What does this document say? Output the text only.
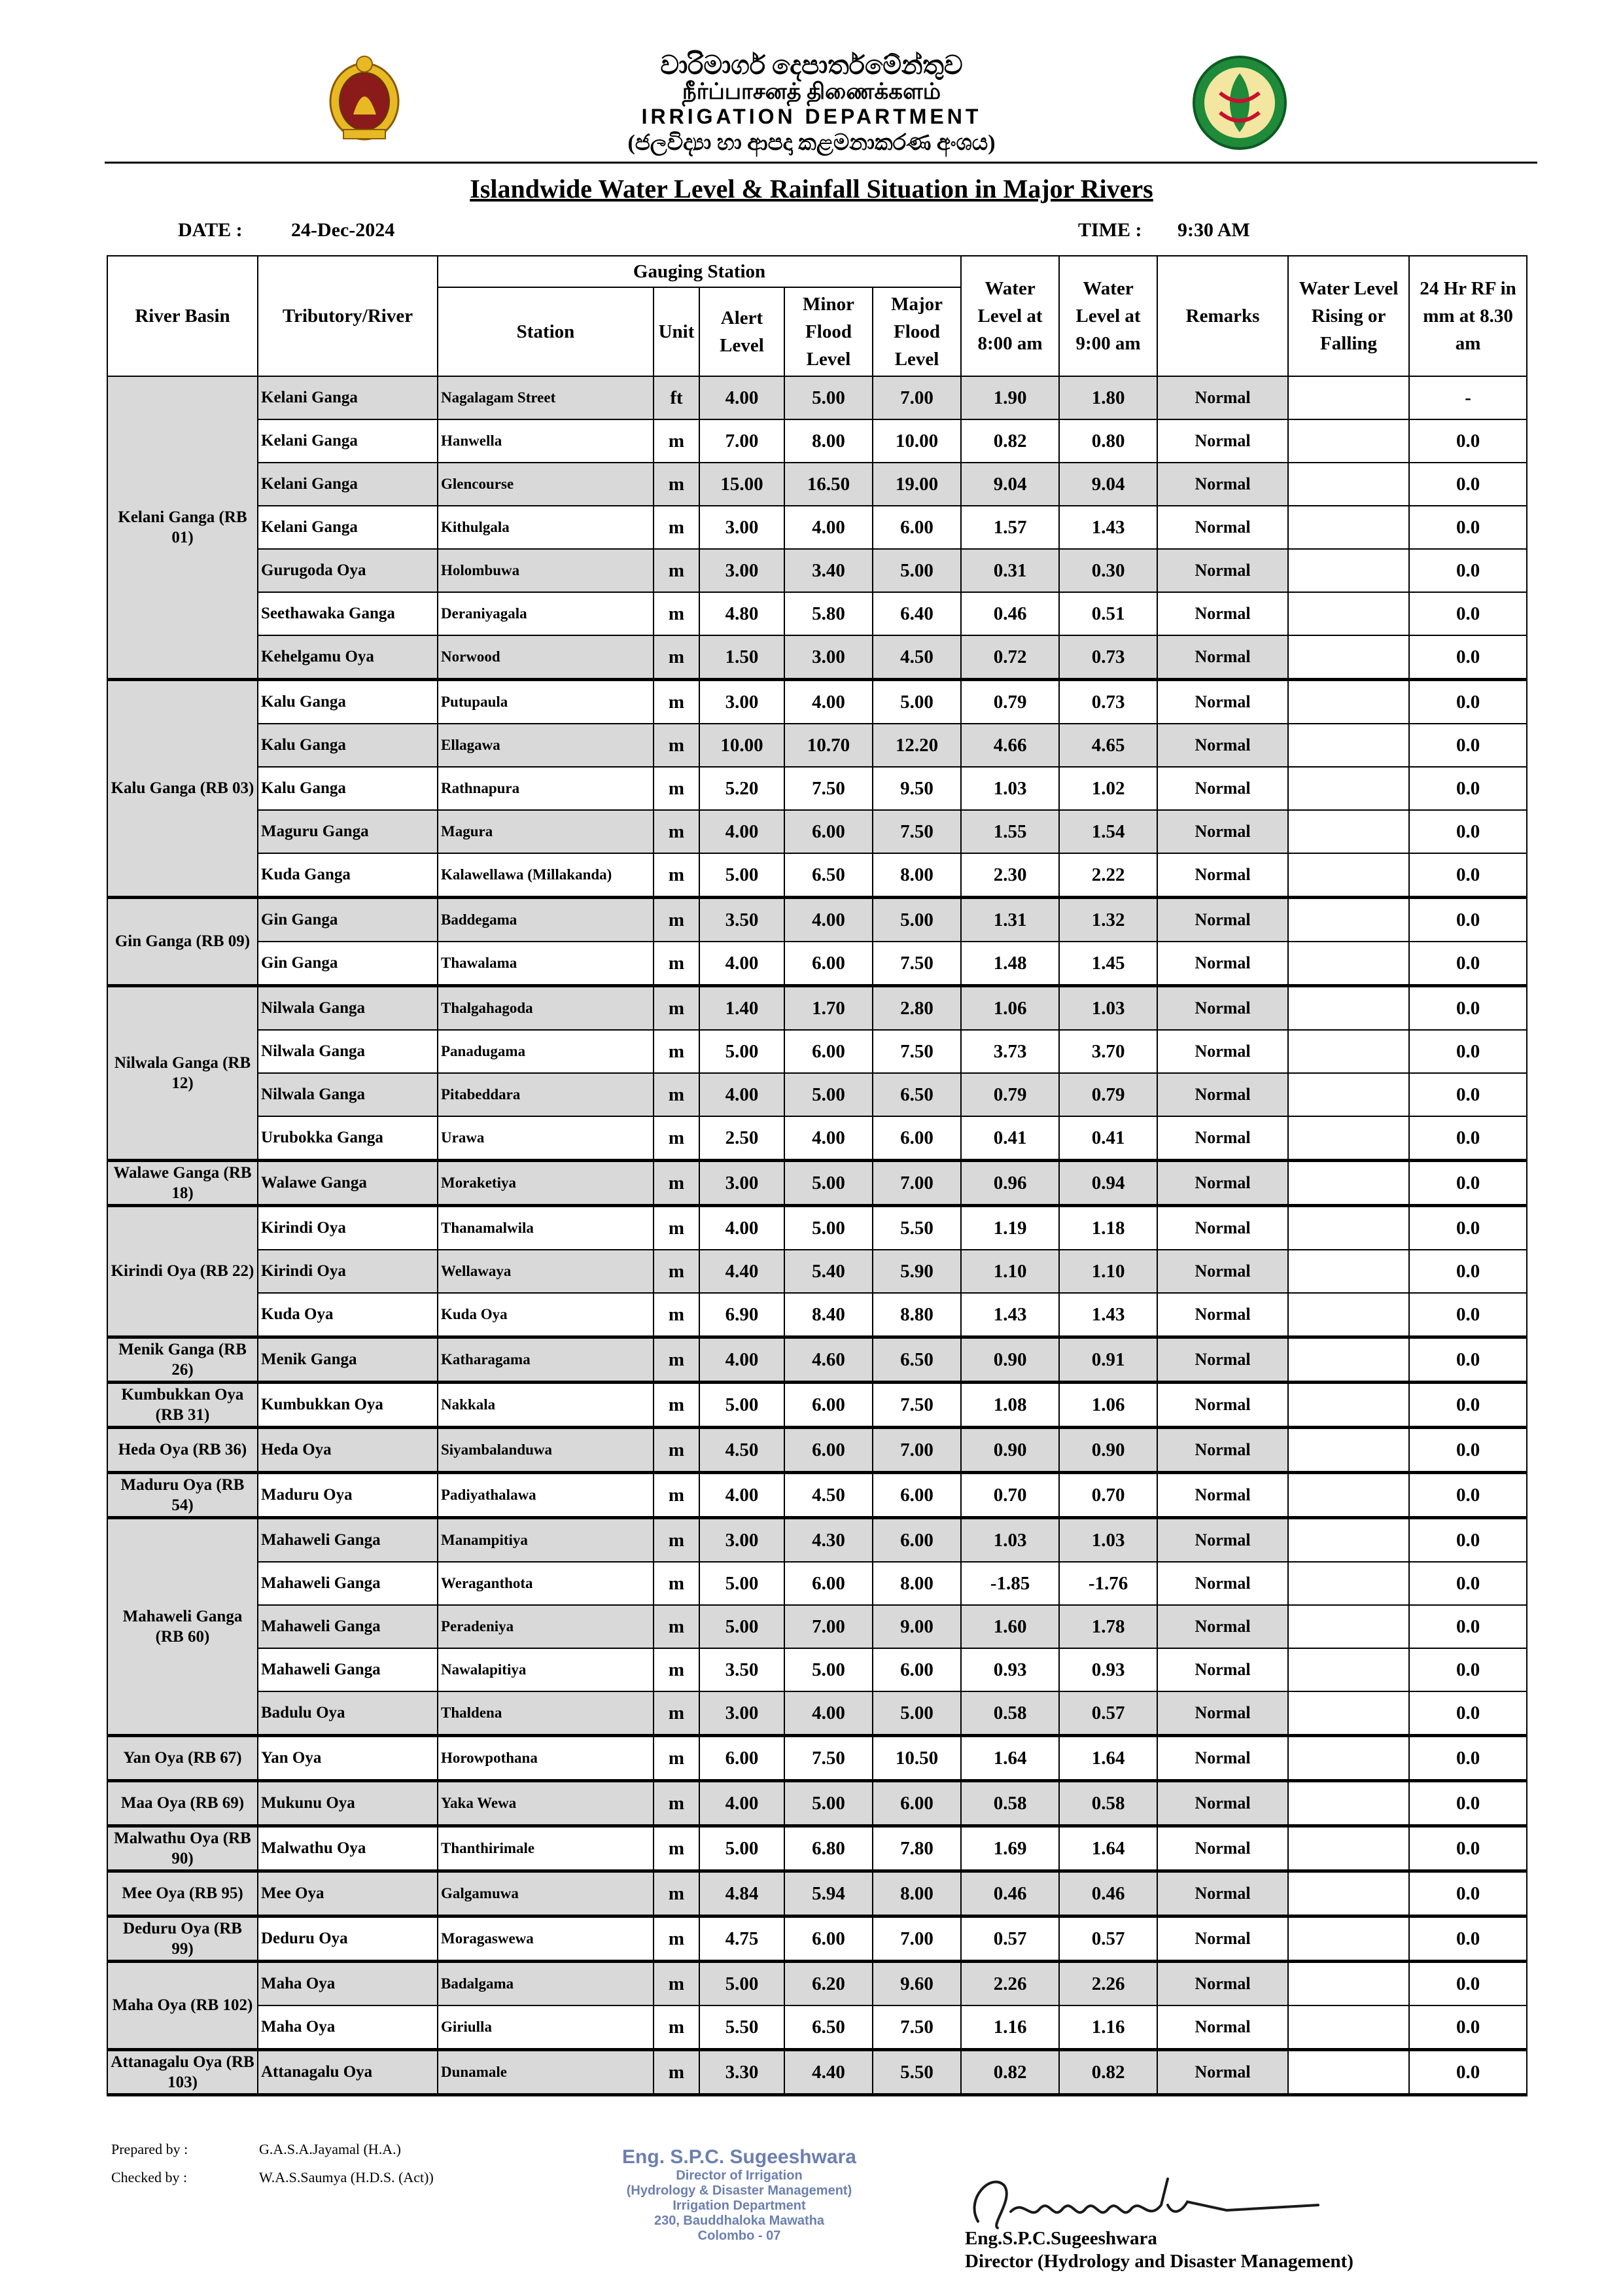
වාරිමාර්ග දෙපාර්තමේන්තුව
நீர்ப்பாசனத் திணைக்களம்
IRRIGATION DEPARTMENT
(ජලවිද්‍යා හා ආපදා කළමනාකරණ අංශය)
Islandwide Water Level & Rainfall Situation in Major Rivers
DATE : 24-Dec-2024	TIME : 9:30 AM
River Basin	Tributory/River	Gauging Station					Water Level at 8:00 am	Water Level at 9:00 am	Remarks	Water Level Rising or Falling	24 Hr RF in mm at 8.30 am
		Station	Unit	Alert Level	Minor Flood Level	Major Flood Level					
Kelani Ganga (RB 01)	Kelani Ganga	Nagalagam Street	ft	4.00	5.00	7.00	1.90	1.80	Normal		-
	Kelani Ganga	Hanwella	m	7.00	8.00	10.00	0.82	0.80	Normal		0.0
	Kelani Ganga	Glencourse	m	15.00	16.50	19.00	9.04	9.04	Normal		0.0
	Kelani Ganga	Kithulgala	m	3.00	4.00	6.00	1.57	1.43	Normal		0.0
	Gurugoda Oya	Holombuwa	m	3.00	3.40	5.00	0.31	0.30	Normal		0.0
	Seethawaka Ganga	Deraniyagala	m	4.80	5.80	6.40	0.46	0.51	Normal		0.0
	Kehelgamu Oya	Norwood	m	1.50	3.00	4.50	0.72	0.73	Normal		0.0
Kalu Ganga (RB 03)	Kalu Ganga	Putupaula	m	3.00	4.00	5.00	0.79	0.73	Normal		0.0
	Kalu Ganga	Ellagawa	m	10.00	10.70	12.20	4.66	4.65	Normal		0.0
	Kalu Ganga	Rathnapura	m	5.20	7.50	9.50	1.03	1.02	Normal		0.0
	Maguru Ganga	Magura	m	4.00	6.00	7.50	1.55	1.54	Normal		0.0
	Kuda Ganga	Kalawellawa (Millakanda)	m	5.00	6.50	8.00	2.30	2.22	Normal		0.0
Gin Ganga (RB 09)	Gin Ganga	Baddegama	m	3.50	4.00	5.00	1.31	1.32	Normal		0.0
	Gin Ganga	Thawalama	m	4.00	6.00	7.50	1.48	1.45	Normal		0.0
Nilwala Ganga (RB 12)	Nilwala Ganga	Thalgahagoda	m	1.40	1.70	2.80	1.06	1.03	Normal		0.0
	Nilwala Ganga	Panadugama	m	5.00	6.00	7.50	3.73	3.70	Normal		0.0
	Nilwala Ganga	Pitabeddara	m	4.00	5.00	6.50	0.79	0.79	Normal		0.0
	Urubokka Ganga	Urawa	m	2.50	4.00	6.00	0.41	0.41	Normal		0.0
Walawe Ganga (RB 18)	Walawe Ganga	Moraketiya	m	3.00	5.00	7.00	0.96	0.94	Normal		0.0
Kirindi Oya (RB 22)	Kirindi Oya	Thanamalwila	m	4.00	5.00	5.50	1.19	1.18	Normal		0.0
	Kirindi Oya	Wellawaya	m	4.40	5.40	5.90	1.10	1.10	Normal		0.0
	Kuda Oya	Kuda Oya	m	6.90	8.40	8.80	1.43	1.43	Normal		0.0
Menik Ganga (RB 26)	Menik Ganga	Katharagama	m	4.00	4.60	6.50	0.90	0.91	Normal		0.0
Kumbukkan Oya (RB 31)	Kumbukkan Oya	Nakkala	m	5.00	6.00	7.50	1.08	1.06	Normal		0.0
Heda Oya (RB 36)	Heda Oya	Siyambalanduwa	m	4.50	6.00	7.00	0.90	0.90	Normal		0.0
Maduru Oya (RB 54)	Maduru Oya	Padiyathalawa	m	4.00	4.50	6.00	0.70	0.70	Normal		0.0
Mahaweli Ganga (RB 60)	Mahaweli Ganga	Manampitiya	m	3.00	4.30	6.00	1.03	1.03	Normal		0.0
	Mahaweli Ganga	Weraganthota	m	5.00	6.00	8.00	-1.85	-1.76	Normal		0.0
	Mahaweli Ganga	Peradeniya	m	5.00	7.00	9.00	1.60	1.78	Normal		0.0
	Mahaweli Ganga	Nawalapitiya	m	3.50	5.00	6.00	0.93	0.93	Normal		0.0
	Badulu Oya	Thaldena	m	3.00	4.00	5.00	0.58	0.57	Normal		0.0
Yan Oya (RB 67)	Yan Oya	Horowpothana	m	6.00	7.50	10.50	1.64	1.64	Normal		0.0
Maa Oya (RB 69)	Mukunu Oya	Yaka Wewa	m	4.00	5.00	6.00	0.58	0.58	Normal		0.0
Malwathu Oya (RB 90)	Malwathu Oya	Thanthirimale	m	5.00	6.80	7.80	1.69	1.64	Normal		0.0
Mee Oya (RB 95)	Mee Oya	Galgamuwa	m	4.84	5.94	8.00	0.46	0.46	Normal		0.0
Deduru Oya (RB 99)	Deduru Oya	Moragaswewa	m	4.75	6.00	7.00	0.57	0.57	Normal		0.0
Maha Oya (RB 102)	Maha Oya	Badalgama	m	5.00	6.20	9.60	2.26	2.26	Normal		0.0
	Maha Oya	Giriulla	m	5.50	6.50	7.50	1.16	1.16	Normal		0.0
Attanagalu Oya (RB 103)	Attanagalu Oya	Dunamale	m	3.30	4.40	5.50	0.82	0.82	Normal		0.0
Prepared by :	G.A.S.A.Jayamal (H.A.)
Checked by :	W.A.S.Saumya (H.D.S. (Act))
Eng. S.P.C. Sugeeshwara
Director of Irrigation
(Hydrology & Disaster Management)
Irrigation Department
230, Bauddhaloka Mawatha
Colombo - 07	Eng.S.P.C.Sugeeshwara
Director (Hydrology and Disaster Management)
